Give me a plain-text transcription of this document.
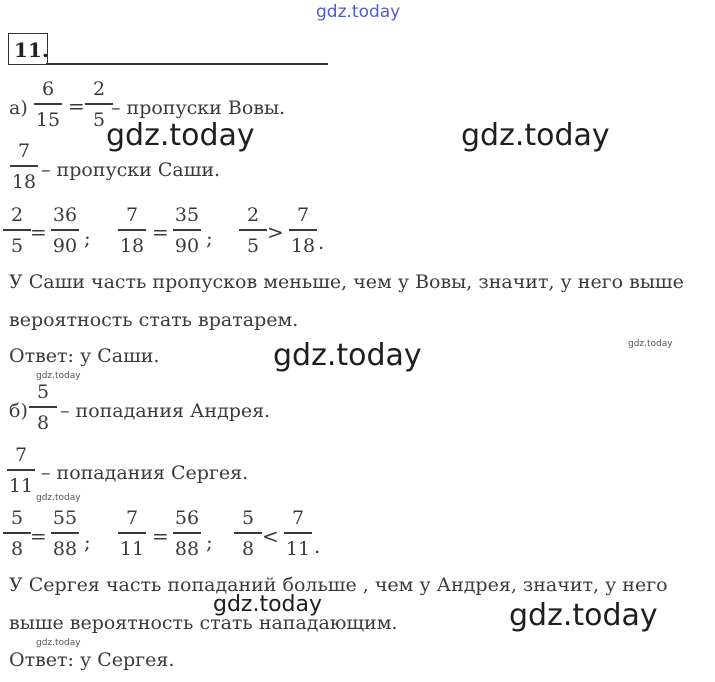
gdz.today
11.
а)
6
15
=
2
5
– пропуски Вовы.
7
18
– пропуски Саши.
2
5
=
36
90 ;
7
18
=
35
90 ;
2
5
>
7
18 .
У Саши часть пропусков меньше, чем у Вовы, значит, у него выше
вероятность стать вратарем.
Ответ: у Саши.
б)
5
8
– попадания Андрея.
7
11
– попадания Сергея.
5
8
=
55
88 ;
7
11
=
56
88 ;
5
8
<
7
11 .
У Сергея часть попаданий больше , чем у Андрея, значит, у него
выше вероятность стать нападающим.
Ответ: у Сергея.
gdz.today	gdz.today
gdz.today
gdz.today
gdz.today
gdz.today
gdz.today
gdz.today
gdz.today
